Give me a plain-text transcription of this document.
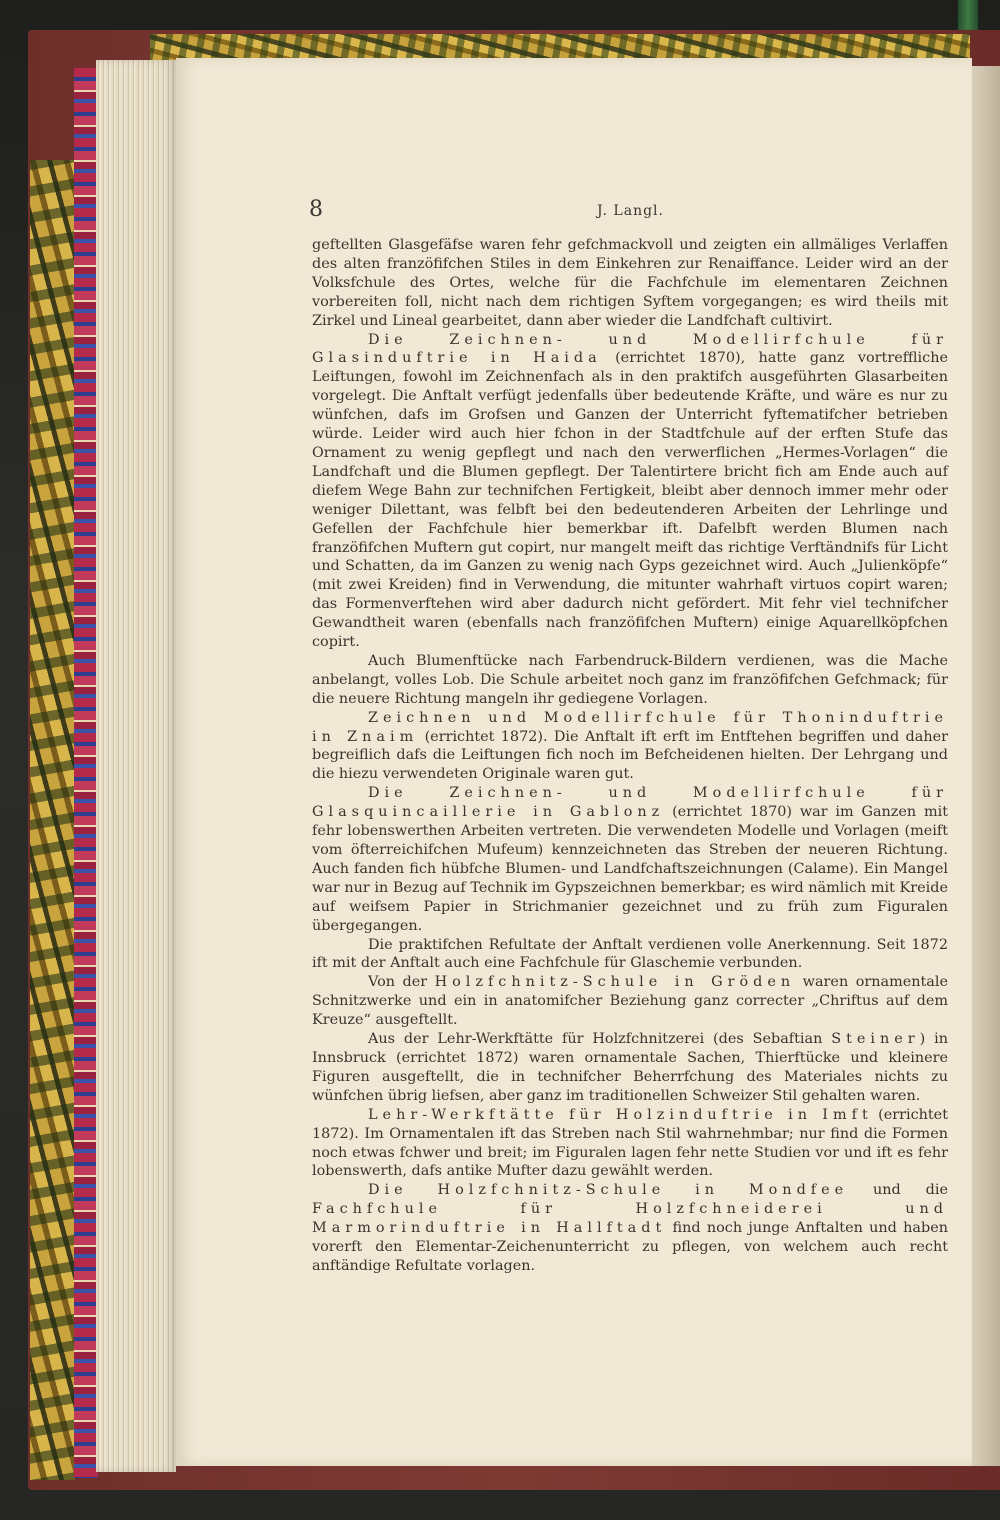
8	J. Langl.

geftellten Glasgefäfse waren fehr gefchmackvoll und zeigten ein allmäliges Verlaffen des alten franzöfifchen Stiles in dem Einkehren zur Renaiffance. Leider wird an der Volksfchule des Ortes, welche für die Fachfchule im elementaren Zeichnen vorbereiten foll, nicht nach dem richtigen Syftem vorgegangen; es wird theils mit Zirkel und Lineal gearbeitet, dann aber wieder die Landfchaft cultivirt.

Die Zeichnen- und Modellirfchule für Glasinduftrie in Haida (errichtet 1870), hatte ganz vortreffliche Leiftungen, fowohl im Zeichnenfach als in den praktifch ausgeführten Glasarbeiten vorgelegt. Die Anftalt verfügt jedenfalls über bedeutende Kräfte, und wäre es nur zu wünfchen, dafs im Grofsen und Ganzen der Unterricht fyftematifcher betrieben würde. Leider wird auch hier fchon in der Stadtfchule auf der erften Stufe das Ornament zu wenig gepflegt und nach den verwerflichen „Hermes-Vorlagen“ die Landfchaft und die Blumen gepflegt. Der Talentirtere bricht fich am Ende auch auf diefem Wege Bahn zur technifchen Fertigkeit, bleibt aber dennoch immer mehr oder weniger Dilettant, was felbft bei den bedeutenderen Arbeiten der Lehrlinge und Gefellen der Fachfchule hier bemerkbar ift. Dafelbft werden Blumen nach franzöfifchen Muftern gut copirt, nur mangelt meift das richtige Verftändnifs für Licht und Schatten, da im Ganzen zu wenig nach Gyps gezeichnet wird. Auch „Julienköpfe“ (mit zwei Kreiden) find in Verwendung, die mitunter wahrhaft virtuos copirt waren; das Formenverftehen wird aber dadurch nicht gefördert. Mit fehr viel technifcher Gewandtheit waren (ebenfalls nach franzöfifchen Muftern) einige Aquarellköpfchen copirt.

Auch Blumenftücke nach Farbendruck-Bildern verdienen, was die Mache anbelangt, volles Lob. Die Schule arbeitet noch ganz im franzöfifchen Gefchmack; für die neuere Richtung mangeln ihr gediegene Vorlagen.

Zeichnen und Modellirfchule für Thoninduftrie in Znaim (errichtet 1872). Die Anftalt ift erft im Entftehen begriffen und daher begreiflich dafs die Leiftungen fich noch im Befcheidenen hielten. Der Lehrgang und die hiezu verwendeten Originale waren gut.

Die Zeichnen- und Modellirfchule für Glasquincaillerie in Gablonz (errichtet 1870) war im Ganzen mit fehr lobenswerthen Arbeiten vertreten. Die verwendeten Modelle und Vorlagen (meift vom öfterreichifchen Mufeum) kennzeichneten das Streben der neueren Richtung. Auch fanden fich hübfche Blumen- und Landfchaftszeichnungen (Calame). Ein Mangel war nur in Bezug auf Technik im Gypszeichnen bemerkbar; es wird nämlich mit Kreide auf weifsem Papier in Strichmanier gezeichnet und zu früh zum Figuralen übergegangen.

Die praktifchen Refultate der Anftalt verdienen volle Anerkennung. Seit 1872 ift mit der Anftalt auch eine Fachfchule für Glaschemie verbunden.

Von der Holzfchnitz-Schule in Gröden waren ornamentale Schnitzwerke und ein in anatomifcher Beziehung ganz correcter „Chriftus auf dem Kreuze“ ausgeftellt.

Aus der Lehr-Werkftätte für Holzfchnitzerei (des Sebaftian Steiner) in Innsbruck (errichtet 1872) waren ornamentale Sachen, Thierftücke und kleinere Figuren ausgeftellt, die in technifcher Beherrfchung des Materiales nichts zu wünfchen übrig liefsen, aber ganz im traditionellen Schweizer Stil gehalten waren.

Lehr-Werkftätte für Holzinduftrie in Imft (errichtet 1872). Im Ornamentalen ift das Streben nach Stil wahrnehmbar; nur find die Formen noch etwas fchwer und breit; im Figuralen lagen fehr nette Studien vor und ift es fehr lobenswerth, dafs antike Mufter dazu gewählt werden.

Die Holzfchnitz-Schule in Mondfee und die Fachfchule für Holzfchneiderei und Marmorinduftrie in Hallftadt find noch junge Anftalten und haben vorerft den Elementar-Zeichenunterricht zu pflegen, von welchem auch recht anftändige Refultate vorlagen.
